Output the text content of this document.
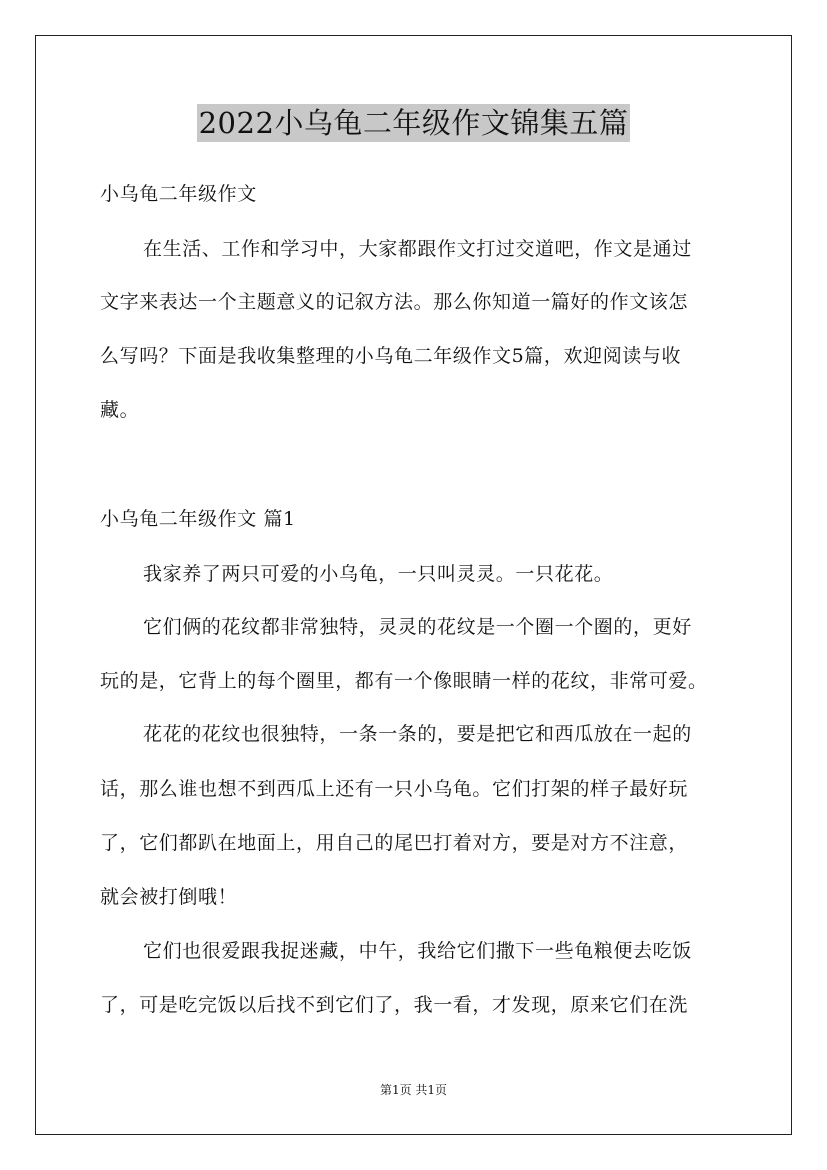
2022小乌龟二年级作文锦集五篇
小乌龟二年级作文
在生活、工作和学习中，大家都跟作文打过交道吧，作文是通过
文字来表达一个主题意义的记叙方法。那么你知道一篇好的作文该怎
么写吗？下面是我收集整理的小乌龟二年级作文5篇，欢迎阅读与收
藏。
小乌龟二年级作文 篇1
我家养了两只可爱的小乌龟，一只叫灵灵。一只花花。
它们俩的花纹都非常独特，灵灵的花纹是一个圈一个圈的，更好
玩的是，它背上的每个圈里，都有一个像眼睛一样的花纹，非常可爱。
花花的花纹也很独特，一条一条的，要是把它和西瓜放在一起的
话，那么谁也想不到西瓜上还有一只小乌龟。它们打架的样子最好玩
了，它们都趴在地面上，用自己的尾巴打着对方，要是对方不注意，
就会被打倒哦！
它们也很爱跟我捉迷藏，中午，我给它们撒下一些龟粮便去吃饭
了，可是吃完饭以后找不到它们了，我一看，才发现，原来它们在洗
第1页 共1页
